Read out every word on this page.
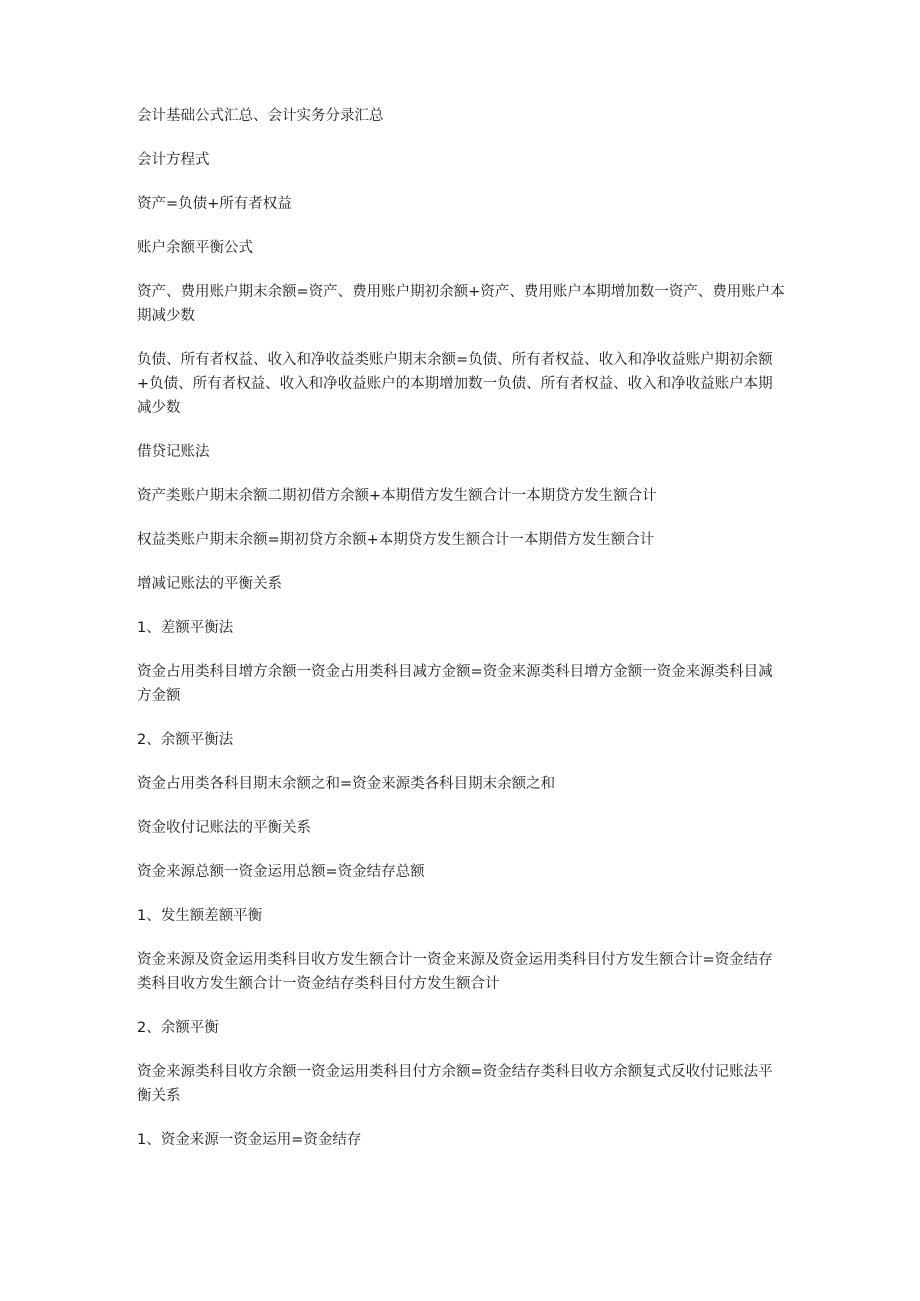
会计基础公式汇总、会计实务分录汇总

会计方程式

资产=负债+所有者权益

账户余额平衡公式

资产、费用账户期末余额=资产、费用账户期初余额+资产、费用账户本期增加数一资产、费用账户本期减少数

负债、所有者权益、收入和净收益类账户期末余额=负债、所有者权益、收入和净收益账户期初余额+负债、所有者权益、收入和净收益账户的本期增加数一负债、所有者权益、收入和净收益账户本期减少数

借贷记账法

资产类账户期末余额二期初借方余额+本期借方发生额合计一本期贷方发生额合计

权益类账户期末余额=期初贷方余额+本期贷方发生额合计一本期借方发生额合计

增减记账法的平衡关系

1、差额平衡法

资金占用类科目增方余额一资金占用类科目减方金额=资金来源类科目增方金额一资金来源类科目减方金额

2、余额平衡法

资金占用类各科目期末余额之和=资金来源类各科目期末余额之和

资金收付记账法的平衡关系

资金来源总额一资金运用总额=资金结存总额

1、发生额差额平衡

资金来源及资金运用类科目收方发生额合计一资金来源及资金运用类科目付方发生额合计=资金结存类科目收方发生额合计一资金结存类科目付方发生额合计

2、余额平衡

资金来源类科目收方余额一资金运用类科目付方余额=资金结存类科目收方余额复式反收付记账法平衡关系

1、资金来源一资金运用=资金结存
